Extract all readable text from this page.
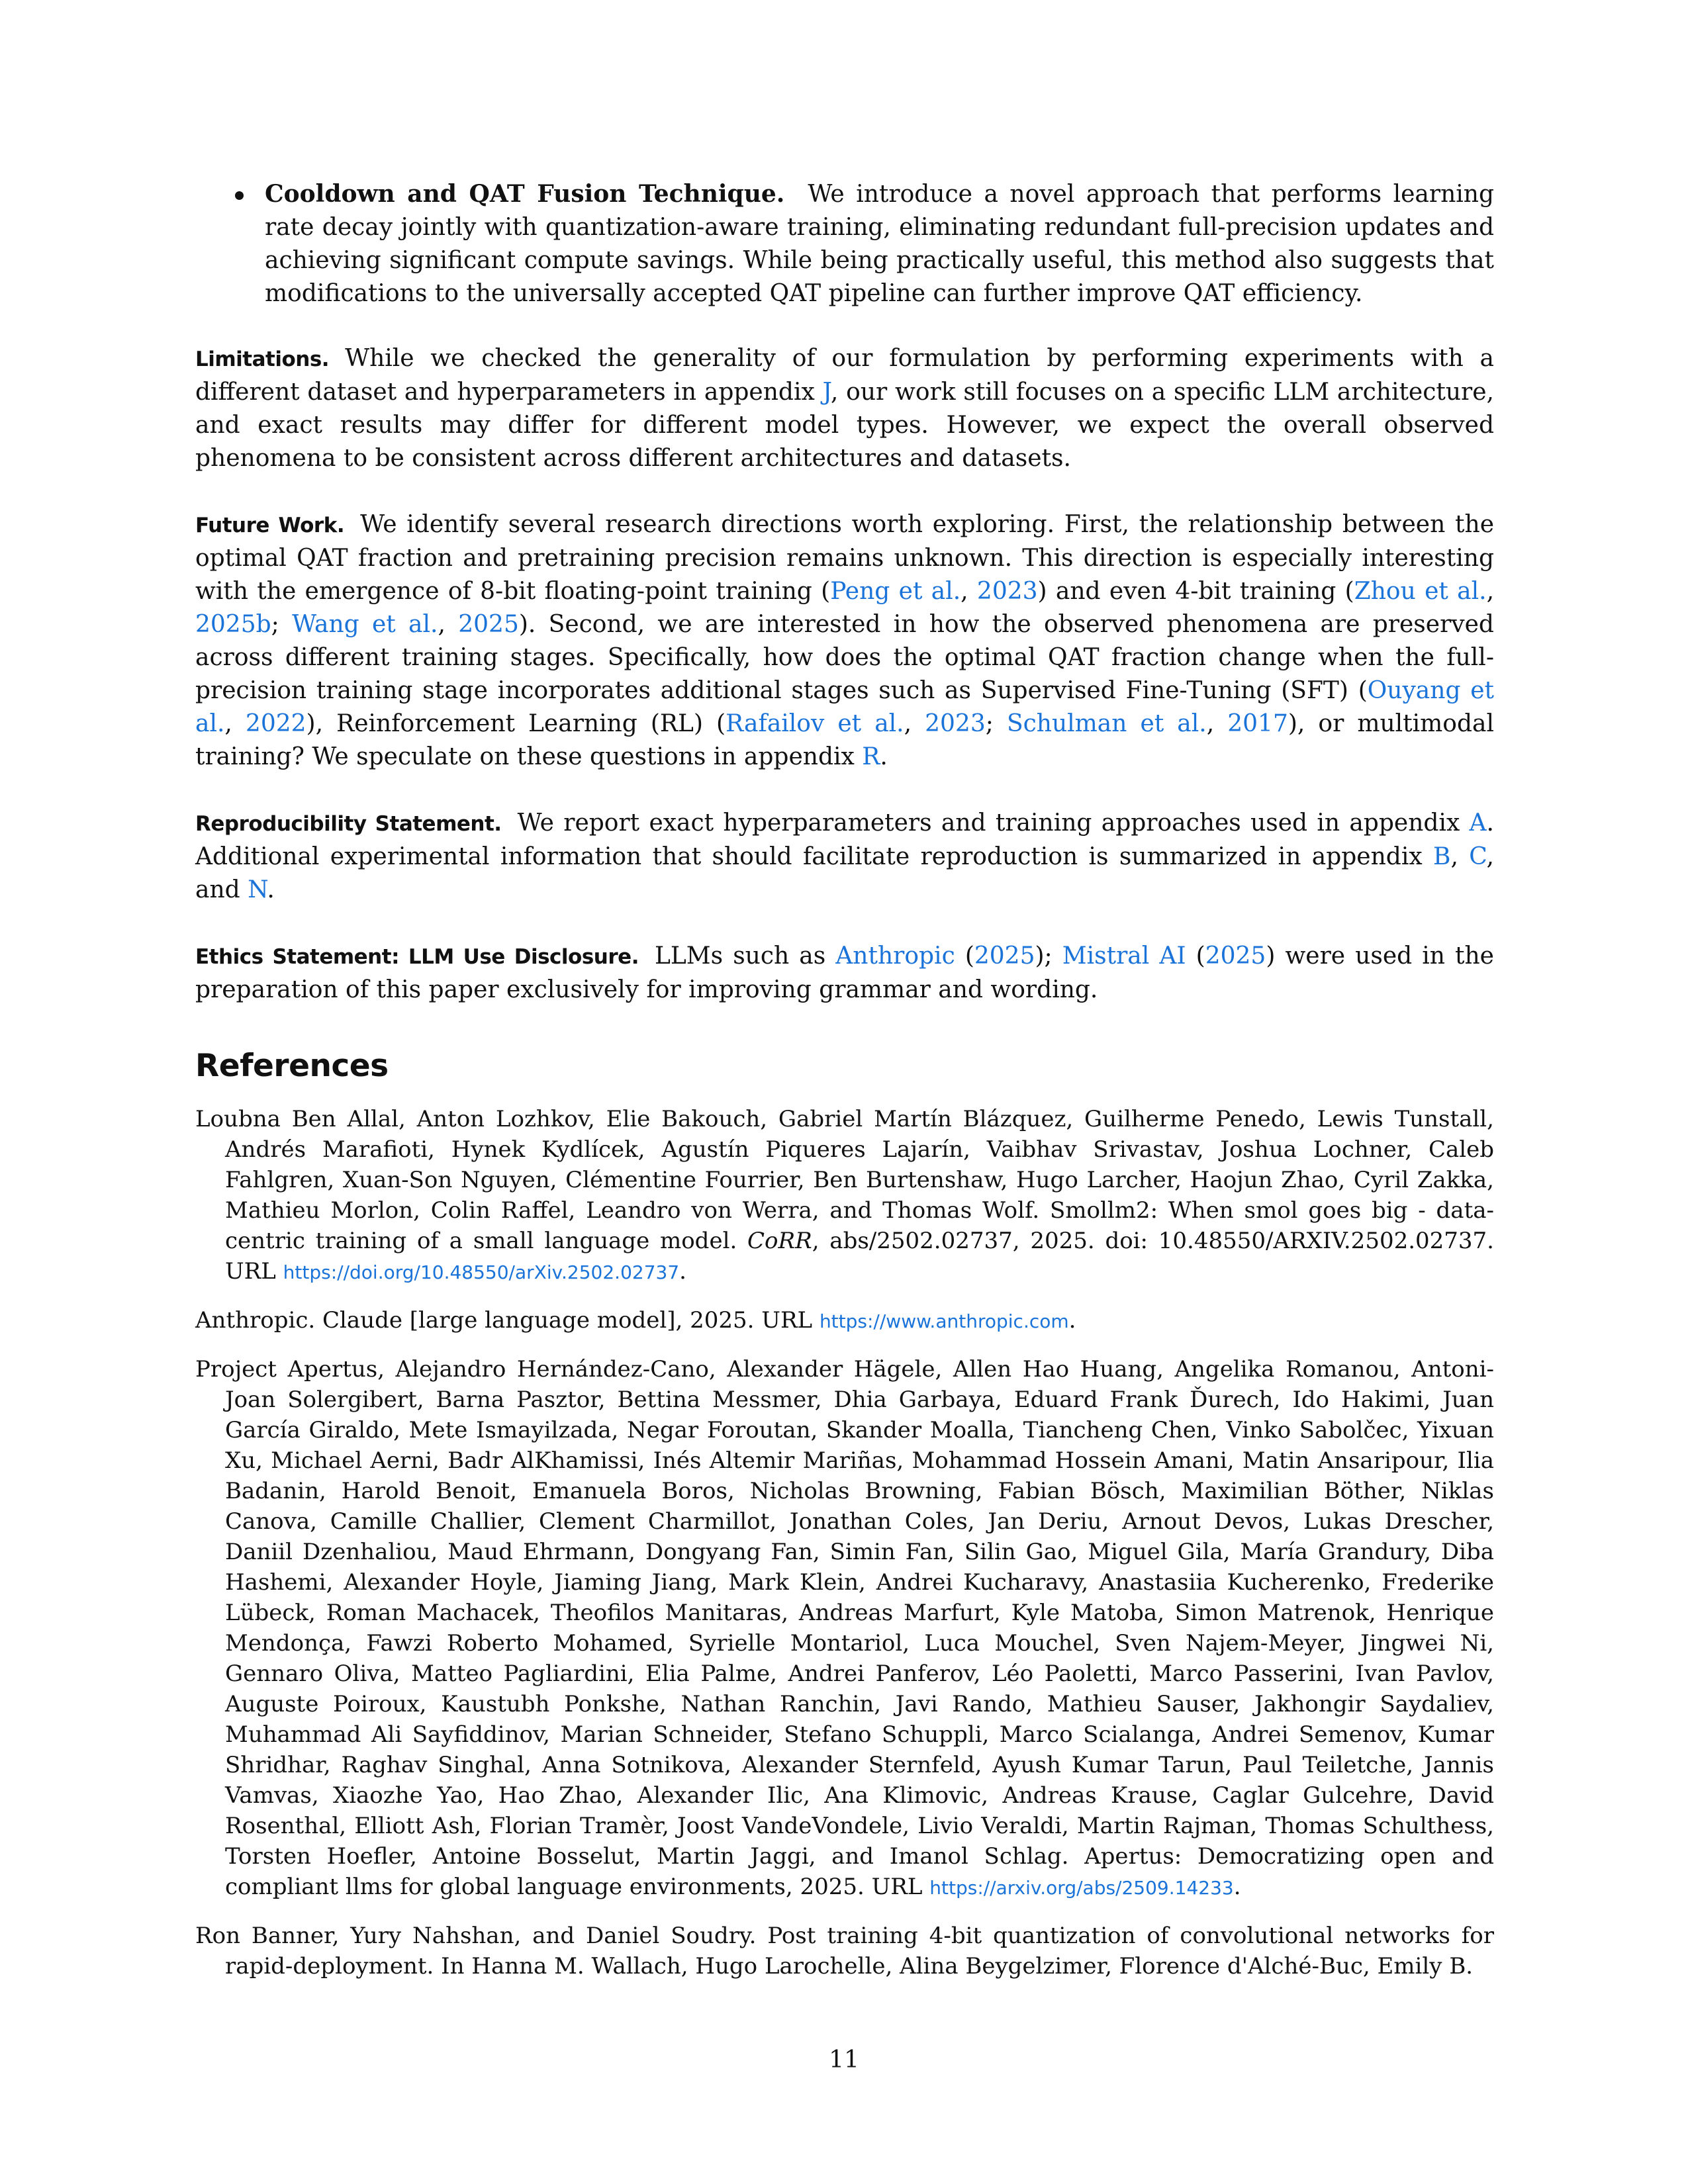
Cooldown and QAT Fusion Technique. We introduce a novel approach that performs learning rate decay jointly with quantization-aware training, eliminating redundant full-precision updates and achieving significant compute savings. While being practically useful, this method also suggests that modifications to the universally accepted QAT pipeline can further improve QAT efficiency.

Limitations. While we checked the generality of our formulation by performing experiments with a different dataset and hyperparameters in appendix J, our work still focuses on a specific LLM architecture, and exact results may differ for different model types. However, we expect the overall observed phenomena to be consistent across different architectures and datasets.

Future Work. We identify several research directions worth exploring. First, the relationship between the optimal QAT fraction and pretraining precision remains unknown. This direction is especially interesting with the emergence of 8-bit floating-point training (Peng et al., 2023) and even 4-bit training (Zhou et al., 2025b; Wang et al., 2025). Second, we are interested in how the observed phenomena are preserved across different training stages. Specifically, how does the optimal QAT fraction change when the full-precision training stage incorporates additional stages such as Supervised Fine-Tuning (SFT) (Ouyang et al., 2022), Reinforcement Learning (RL) (Rafailov et al., 2023; Schulman et al., 2017), or multimodal training? We speculate on these questions in appendix R.

Reproducibility Statement. We report exact hyperparameters and training approaches used in appendix A. Additional experimental information that should facilitate reproduction is summarized in appendix B, C, and N.

Ethics Statement: LLM Use Disclosure. LLMs such as Anthropic (2025); Mistral AI (2025) were used in the preparation of this paper exclusively for improving grammar and wording.

References

Loubna Ben Allal, Anton Lozhkov, Elie Bakouch, Gabriel Martín Blázquez, Guilherme Penedo, Lewis Tunstall, Andrés Marafioti, Hynek Kydlícek, Agustín Piqueres Lajarín, Vaibhav Srivastav, Joshua Lochner, Caleb Fahlgren, Xuan-Son Nguyen, Clémentine Fourrier, Ben Burtenshaw, Hugo Larcher, Haojun Zhao, Cyril Zakka, Mathieu Morlon, Colin Raffel, Leandro von Werra, and Thomas Wolf. Smollm2: When smol goes big - data-centric training of a small language model. CoRR, abs/2502.02737, 2025. doi: 10.48550/ARXIV.2502.02737. URL https://doi.org/10.48550/arXiv.2502.02737.

Anthropic. Claude [large language model], 2025. URL https://www.anthropic.com.

Project Apertus, Alejandro Hernández-Cano, Alexander Hägele, Allen Hao Huang, Angelika Romanou, Antoni-Joan Solergibert, Barna Pasztor, Bettina Messmer, Dhia Garbaya, Eduard Frank Ďurech, Ido Hakimi, Juan García Giraldo, Mete Ismayilzada, Negar Foroutan, Skander Moalla, Tiancheng Chen, Vinko Sabolčec, Yixuan Xu, Michael Aerni, Badr AlKhamissi, Inés Altemir Mariñas, Mohammad Hossein Amani, Matin Ansaripour, Ilia Badanin, Harold Benoit, Emanuela Boros, Nicholas Browning, Fabian Bösch, Maximilian Böther, Niklas Canova, Camille Challier, Clement Charmillot, Jonathan Coles, Jan Deriu, Arnout Devos, Lukas Drescher, Daniil Dzenhaliou, Maud Ehrmann, Dongyang Fan, Simin Fan, Silin Gao, Miguel Gila, María Grandury, Diba Hashemi, Alexander Hoyle, Jiaming Jiang, Mark Klein, Andrei Kucharavy, Anastasiia Kucherenko, Frederike Lübeck, Roman Machacek, Theofilos Manitaras, Andreas Marfurt, Kyle Matoba, Simon Matrenok, Henrique Mendonça, Fawzi Roberto Mohamed, Syrielle Montariol, Luca Mouchel, Sven Najem-Meyer, Jingwei Ni, Gennaro Oliva, Matteo Pagliardini, Elia Palme, Andrei Panferov, Léo Paoletti, Marco Passerini, Ivan Pavlov, Auguste Poiroux, Kaustubh Ponkshe, Nathan Ranchin, Javi Rando, Mathieu Sauser, Jakhongir Saydaliev, Muhammad Ali Sayfiddinov, Marian Schneider, Stefano Schuppli, Marco Scialanga, Andrei Semenov, Kumar Shridhar, Raghav Singhal, Anna Sotnikova, Alexander Sternfeld, Ayush Kumar Tarun, Paul Teiletche, Jannis Vamvas, Xiaozhe Yao, Hao Zhao, Alexander Ilic, Ana Klimovic, Andreas Krause, Caglar Gulcehre, David Rosenthal, Elliott Ash, Florian Tramèr, Joost VandeVondele, Livio Veraldi, Martin Rajman, Thomas Schulthess, Torsten Hoefler, Antoine Bosselut, Martin Jaggi, and Imanol Schlag. Apertus: Democratizing open and compliant llms for global language environments, 2025. URL https://arxiv.org/abs/2509.14233.

Ron Banner, Yury Nahshan, and Daniel Soudry. Post training 4-bit quantization of convolutional networks for rapid-deployment. In Hanna M. Wallach, Hugo Larochelle, Alina Beygelzimer, Florence d'Alché-Buc, Emily B.

11
